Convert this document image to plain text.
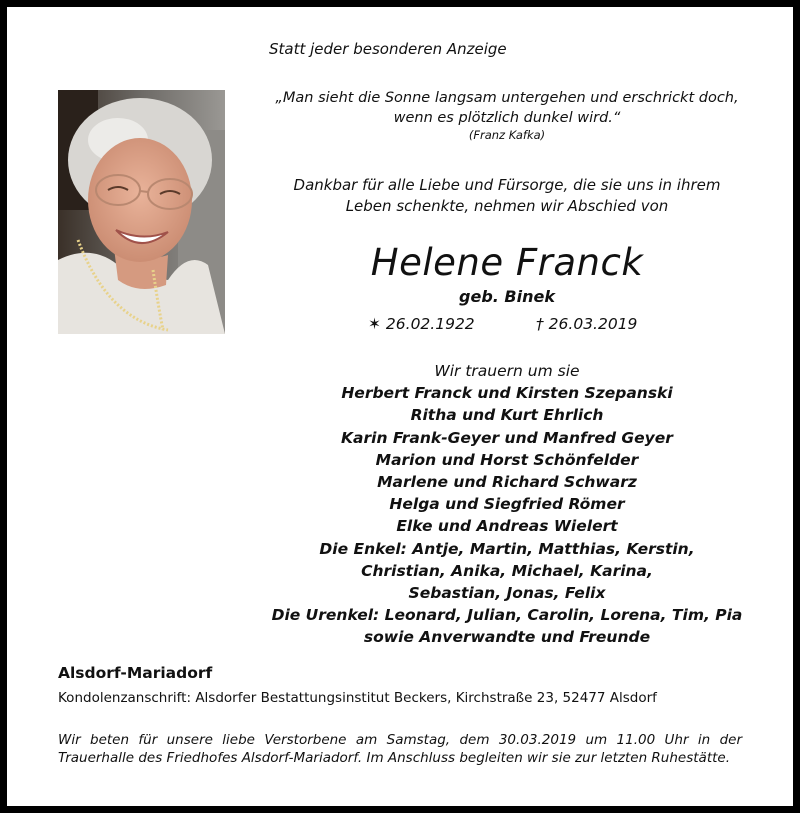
Statt jeder besonderen Anzeige
„Man sieht die Sonne langsam untergehen und erschrickt doch,
wenn es plötzlich dunkel wird.“
(Franz Kafka)
Dankbar für alle Liebe und Fürsorge, die sie uns in ihrem
Leben schenkte, nehmen wir Abschied von
Helene Franck
geb. Binek
✶ 26.02.1922	† 26.03.2019
Wir trauern um sie
Herbert Franck und Kirsten Szepanski
Ritha und Kurt Ehrlich
Karin Frank-Geyer und Manfred Geyer
Marion und Horst Schönfelder
Marlene und Richard Schwarz
Helga und Siegfried Römer
Elke und Andreas Wielert
Die Enkel: Antje, Martin, Matthias, Kerstin,
Christian, Anika, Michael, Karina,
Sebastian, Jonas, Felix
Die Urenkel: Leonard, Julian, Carolin, Lorena, Tim, Pia
sowie Anverwandte und Freunde
Alsdorf-Mariadorf
Kondolenzanschrift: Alsdorfer Bestattungsinstitut Beckers, Kirchstraße 23, 52477 Alsdorf
Wir beten für unsere liebe Verstorbene am Samstag, dem 30.03.2019 um 11.00 Uhr in der Trauerhalle des Friedhofes Alsdorf-Mariadorf. Im Anschluss begleiten wir sie zur letzten Ruhestätte.
